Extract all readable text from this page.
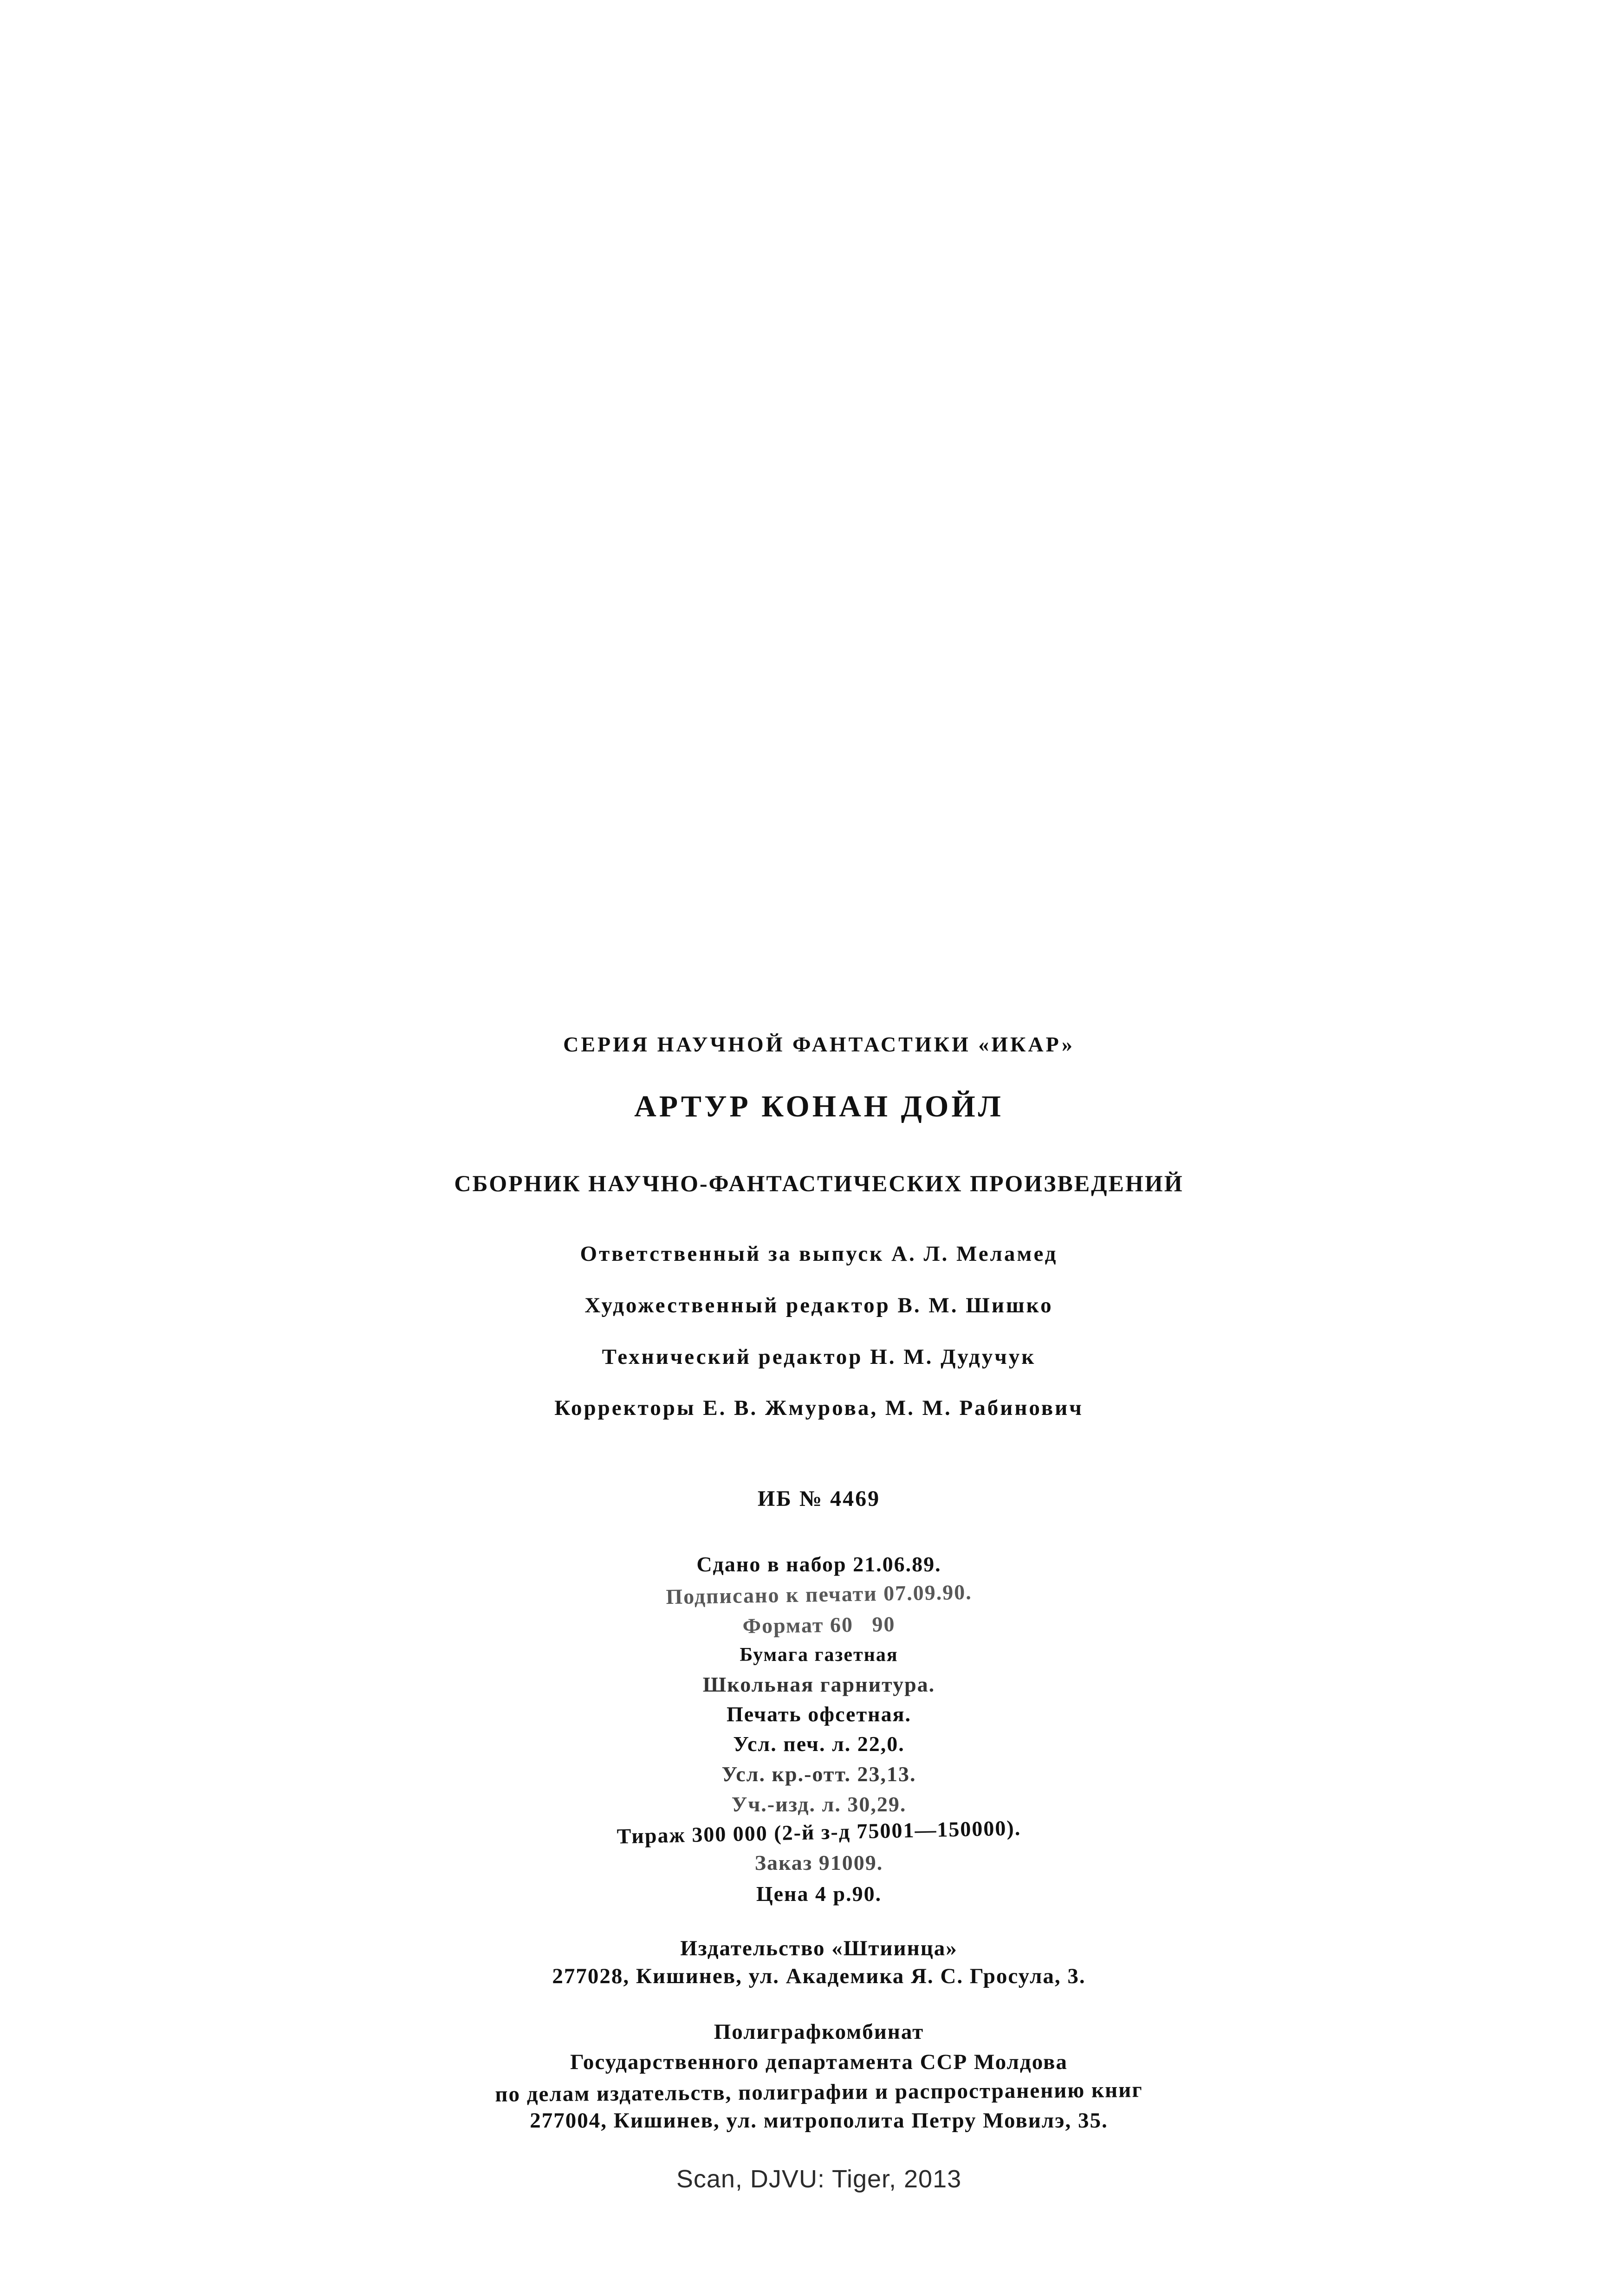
СЕРИЯ НАУЧНОЙ ФАНТАСТИКИ «ИКАР»
АРТУР КОНАН ДОЙЛ
СБОРНИК НАУЧНО-ФАНТАСТИЧЕСКИХ ПРОИЗВЕДЕНИЙ
Ответственный за выпуск А. Л. Меламед
Художественный редактор В. М. Шишко
Технический редактор Н. М. Дудучук
Корректоры Е. В. Жмурова, М. М. Рабинович
ИБ № 4469
Сдано в набор 21.06.89.
Подписано к печати 07.09.90.
Формат 60   90
Бумага газетная
Школьная гарнитура.
Печать офсетная.
Усл. печ. л. 22,0.
Усл. кр.-отт. 23,13.
Уч.-изд. л. 30,29.
Тираж 300 000 (2-й з-д 75001—150000).
Заказ 91009.
Цена 4 р.90.
Издательство «Штиинца»
277028, Кишинев, ул. Академика Я. С. Гросула, 3.
Полиграфкомбинат
Государственного департамента ССР Молдова
по делам издательств, полиграфии и распространению книг
277004, Кишинев, ул. митрополита Петру Мовилэ, 35.
Scan, DJVU: Tiger, 2013
